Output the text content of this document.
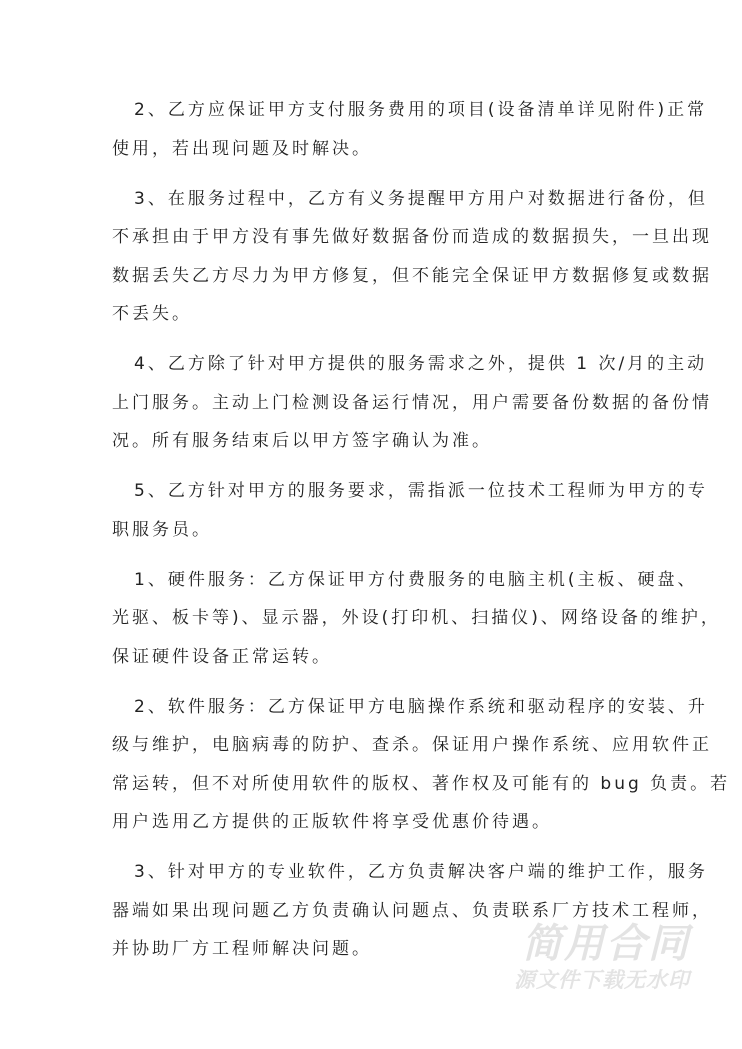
2、乙方应保证甲方支付服务费用的项目(设备清单详见附件)正常
使用，若出现问题及时解决。
3、在服务过程中，乙方有义务提醒甲方用户对数据进行备份，但
不承担由于甲方没有事先做好数据备份而造成的数据损失，一旦出现
数据丢失乙方尽力为甲方修复，但不能完全保证甲方数据修复或数据
不丢失。
4、乙方除了针对甲方提供的服务需求之外，提供 1 次/月的主动
上门服务。主动上门检测设备运行情况，用户需要备份数据的备份情
况。所有服务结束后以甲方签字确认为准。
5、乙方针对甲方的服务要求，需指派一位技术工程师为甲方的专
职服务员。
1、硬件服务：乙方保证甲方付费服务的电脑主机(主板、硬盘、
光驱、板卡等)、显示器，外设(打印机、扫描仪)、网络设备的维护，
保证硬件设备正常运转。
2、软件服务：乙方保证甲方电脑操作系统和驱动程序的安装、升
级与维护，电脑病毒的防护、查杀。保证用户操作系统、应用软件正
常运转，但不对所使用软件的版权、著作权及可能有的 bug 负责。若
用户选用乙方提供的正版软件将享受优惠价待遇。
3、针对甲方的专业软件，乙方负责解决客户端的维护工作，服务
器端如果出现问题乙方负责确认问题点、负责联系厂方技术工程师，
并协助厂方工程师解决问题。	简用合同
源文件下载无水印
